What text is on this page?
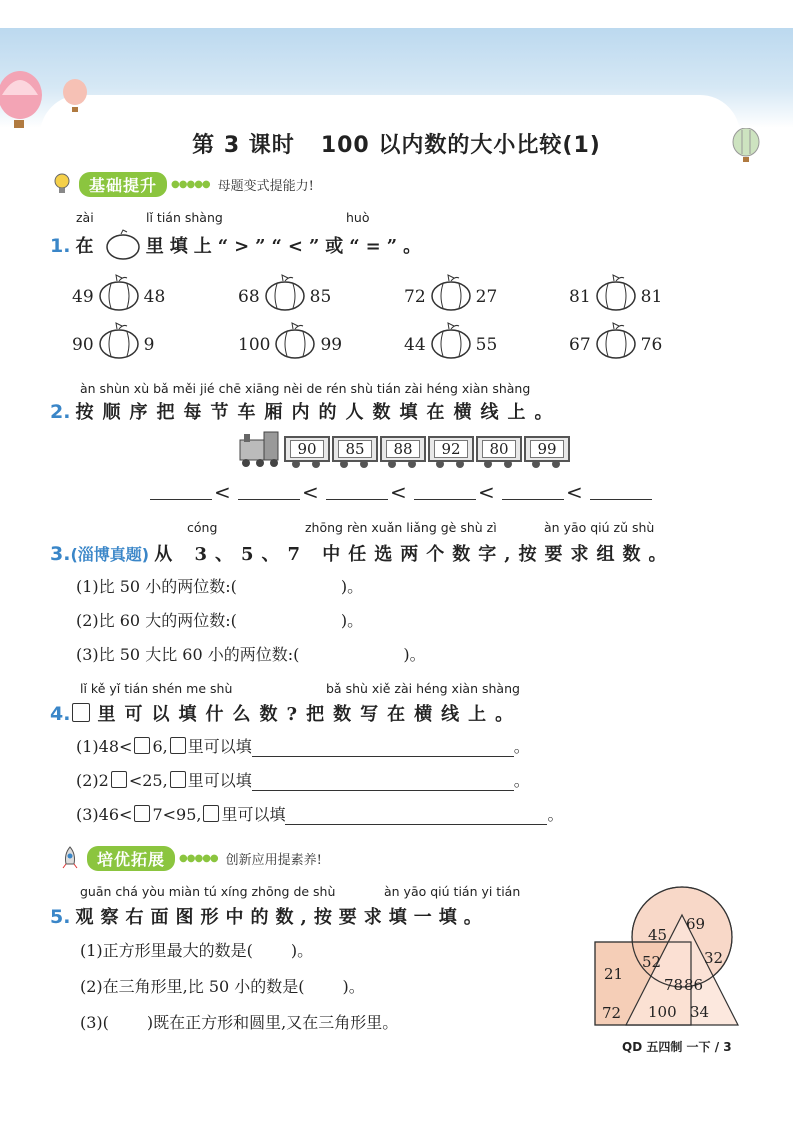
第 3 课时 100 以内数的大小比较(1)
基础提升	●●●●● 母题变式提能力!
zài	lǐ tián shàng	huò
1. 在	里填上“>”“<”或“=”。
49	48	68	85	72	27	81	81
90	9	100	99	44	55	67	76
àn shùn xù bǎ měi jié chē xiāng nèi de rén shù tián zài héng xiàn shàng
2. 按顺序把每节车厢内的人数填在横线上。
90	85	88	92	80	99
<	<	<	<	<
cóng	zhōng rèn xuǎn liǎng gè shù zì	àn yāo qiú zǔ shù
3.(淄博真题) 从 3、5、7 中任选两个数字,按要求组数。
(1)比 50 小的两位数:(	)。
(2)比 60 大的两位数:(	)。
(3)比 50 大比 60 小的两位数:(	)。
lǐ kě yǐ tián shén me shù	bǎ shù xiě zài héng xiàn shàng
4. 里可以填什么数?把数写在横线上。
(1)48< 6, 里可以填	。
(2)2 <25, 里可以填	。
(3)46< 7<95, 里可以填	。
培优拓展	●●●●● 创新应用提素养!
guān chá yòu miàn tú xíng zhōng de shù	àn yāo qiú tián yi tián
5. 观察右面图形中的数,按要求填一填。
(1)正方形里最大的数是( )。
(2)在三角形里,比 50 小的数是( )。
(3)( )既在正方形和圆里,又在三角形里。
69
45
52	32
21
78 86
72 100 34
QD 五四制 一下 / 3
